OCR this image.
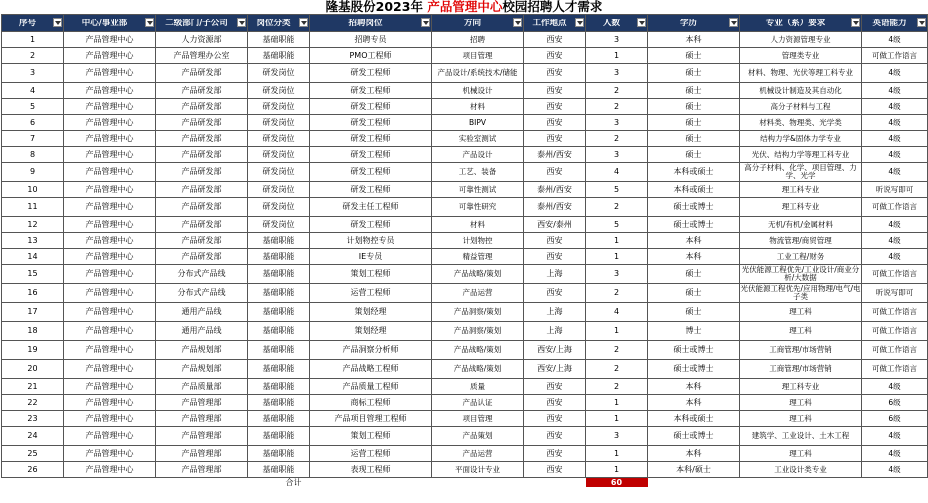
隆基股份2023年 产品管理中心校园招聘人才需求
序号	中心/事业部	二级部门/子公司	岗位分类	招聘岗位	方向	工作地点	人数	学历	专业（系）要求	英语能力

1	产品管理中心	人力资源部	基础职能	招聘专员	招聘	西安	3	本科	人力资源管理专业	4级
2	产品管理中心	产品管理办公室	基础职能	PMO工程师	项目管理	西安	1	硕士	管理类专业	可做工作语言
3	产品管理中心	产品研发部	研发岗位	研发工程师	产品设计/系统技术/储能	西安	3	硕士	材料、物理、光伏等理工科专业	4级
4	产品管理中心	产品研发部	研发岗位	研发工程师	机械设计	西安	2	硕士	机械设计制造及其自动化	4级
5	产品管理中心	产品研发部	研发岗位	研发工程师	材料	西安	2	硕士	高分子材料与工程	4级
6	产品管理中心	产品研发部	研发岗位	研发工程师	BIPV	西安	3	硕士	材料类、物理类、光学类	4级
7	产品管理中心	产品研发部	研发岗位	研发工程师	实验室测试	西安	2	硕士	结构力学&固体力学专业	4级
8	产品管理中心	产品研发部	研发岗位	研发工程师	产品设计	泰州/西安	3	硕士	光伏、结构力学等理工科专业	4级
9	产品管理中心	产品研发部	研发岗位	研发工程师	工艺、装备	西安	4	本科或硕士	高分子材料、化学、项目管理、力学、光学	4级
10	产品管理中心	产品研发部	研发岗位	研发工程师	可靠性测试	泰州/西安	5	本科或硕士	理工科专业	听说写即可
11	产品管理中心	产品研发部	研发岗位	研发主任工程师	可靠性研究	泰州/西安	2	硕士或博士	理工科专业	可做工作语言
12	产品管理中心	产品研发部	研发岗位	研发工程师	材料	西安/泰州	5	硕士或博士	无机/有机/金属材料	4级
13	产品管理中心	产品研发部	基础职能	计划物控专员	计划物控	西安	1	本科	物流管理/商贸管理	4级
14	产品管理中心	产品研发部	基础职能	IE专员	精益管理	西安	1	本科	工业工程/财务	4级
15	产品管理中心	分布式产品线	基础职能	策划工程师	产品战略/策划	上海	3	硕士	光伏能源工程优先/工业设计/商业分析/大数据	可做工作语言
16	产品管理中心	分布式产品线	基础职能	运营工程师	产品运营	西安	2	硕士	光伏能源工程优先/应用物理/电气/电子类	听说写即可
17	产品管理中心	通用产品线	基础职能	策划经理	产品洞察/策划	上海	4	硕士	理工科	可做工作语言
18	产品管理中心	通用产品线	基础职能	策划经理	产品洞察/策划	上海	1	博士	理工科	可做工作语言
19	产品管理中心	产品规划部	基础职能	产品洞察分析师	产品战略/策划	西安/上海	2	硕士或博士	工商管理/市场营销	可做工作语言
20	产品管理中心	产品规划部	基础职能	产品战略工程师	产品战略/策划	西安/上海	2	硕士或博士	工商管理/市场营销	可做工作语言
21	产品管理中心	产品质量部	基础职能	产品质量工程师	质量	西安	2	本科	理工科专业	4级
22	产品管理中心	产品管理部	基础职能	商标工程师	产品认证	西安	1	本科	理工科	6级
23	产品管理中心	产品管理部	基础职能	产品项目管理工程师	项目管理	西安	1	本科或硕士	理工科	6级
24	产品管理中心	产品管理部	基础职能	策划工程师	产品策划	西安	3	硕士或博士	建筑学、工业设计、土木工程	4级
25	产品管理中心	产品管理部	基础职能	运营工程师	产品运营	西安	1	本科	理工科	4级
26	产品管理中心	产品管理部	基础职能	表现工程师	平面设计专业	西安	1	本科/硕士	工业设计类专业	4级
合计							60			
